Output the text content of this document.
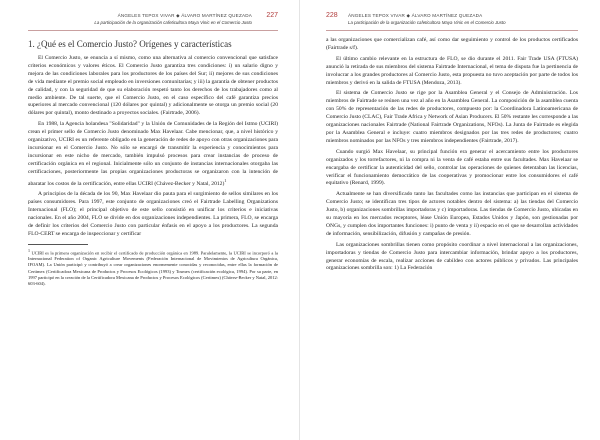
ÁNGELES TEPOX VIVAR ◆ ÁLVARO MARTÍNEZ QUEZADA
La participación de la organización cafeticultora Maya Vinic en el Comercio Justo
227
1. ¿Qué es el Comercio Justo? Orígenes y características

El Comercio Justo, se enuncia a sí mismo, como una alternativa al comercio convencional que satisface criterios económicos y valores éticos. El Comercio Justo garantiza tres condiciones: i) un salario digno y mejora de las condiciones laborales para los productores de los países del Sur; ii) mejores de sus condiciones de vida mediante el premio social empleado en inversiones comunitarias; y iii) la garantía de obtener productos de calidad, y con la seguridad de que su elaboración respetó tanto los derechos de los trabajadores como al medio ambiente. De tal suerte, que el Comercio Justo, en el caso específico del café garantiza precios superiores al mercado convencional (120 dólares por quintal) y adicionalmente se otorga un premio social (20 dólares por quintal), monto destinado a proyectos sociales. (Fairtrade, 2006).

En 1988, la Agencia holandesa "Solidaridad" y la Unión de Comunidades de la Región del Istmo (UCIRI) crean el primer sello de Comercio Justo denominado Max Havelaar. Cabe mencionar, que, a nivel histórico y organizativo, UCIRI es un referente obligado en la generación de redes de apoyo con otras organizaciones para incursionar en el Comercio Justo. No sólo se encargó de transmitir la experiencia y conocimientos para incursionar en este nicho de mercado, también impulsó procesos para crear instancias de proceso de certificación orgánica en el regional. Inicialmente sólo un conjunto de instancias internacionales otorgaba las certificaciones, posteriormente las propias organizaciones productoras se organizaron con la intención de abaratar los costos de la certificación, entre ellas UCIRI (Chávez-Becker y Natal, 2012)$^1$

A principios de la década de los 90, Max Havelaar dio pauta para el surgimiento de sellos similares en los países consumidores. Para 1997, este conjunto de organizaciones creó el Fairtrade Labelling Organizations Internacional (FLO); el principal objetivo de este sello consistió en unificar los criterios e iniciativas nacionales. En el año 2004, FLO se divide en dos organizaciones independientes. La primera, FLO, se encarga de definir los criterios del Comercio Justo con particular énfasis en el apoyo a los productores. La segunda FLO-CERT se encarga de inspeccionar y certificar

$^1$ UCIRI es la primera organización en recibir el certificado de producción orgánica en 1989. Paralelamente, la UCIRI se incorporó a la Internacional Federation of Organic Agriculture Movements (Federación Internacional de Movimientos de Agricultura Orgánica, IFOAM). La Unión participó y contribuyó a crear organizaciones enormemente conocidas y reconocidas, entre ellas la formación de Certimex (Certificadora Mexicana de Productos y Procesos Ecológicos (1993) y Tosmex (certificación ecológica, 1994). Por su parte, en 1997 participó en la creación de la Certificadora Mexicana de Productos y Procesos Ecológicos (Certimex) (Chávez-Becker y Natal, 2012: 603-604).

228 ÁNGELES TEPOX VIVAR ◆ ÁLVARO MARTÍNEZ QUEZADA
La participación de la organización cafeticultora Maya Vinic en el Comercio Justo

a las organizaciones que comercializan café, así como dar seguimiento y control de los productos certificados (Fairtrade s/f).

El último cambio relevante en la estructura de FLO, se dio durante el 2011. Fair Trade USA (FTUSA) anunció la retirada de sus miembros del sistema Fairtrade Internacional, el tema de disputa fue la pertinencia de involucrar a los grandes productores al Comercio Justo, esta propuesta no tuvo aceptación por parte de todos los miembros y derivó en la salida de FTUSA (Mendoza, 2013).

El sistema de Comercio Justo se rige por la Asamblea General y el Consejo de Administración. Los miembros de Fairtrade se reúnen una vez al año en la Asamblea General. La composición de la asamblea cuenta con 50% de representación de las redes de productores, compuesto por: la Coordinadora Latinoamericana de Comercio Justo (CLAC), Fair Trade Africa y Network of Asian Producers. El 50% restante les corresponde a las organizaciones nacionales Fairtrade (National Fairtrade Organizations, NFOs). La Junta de Fairtrade es elegida por la Asamblea General e incluye: cuatro miembros designados por las tres redes de productores; cuatro miembros nominados por las NFOs y tres miembros independientes (Fairtrade, 2017).

Cuando surgió Max Havelaar, su principal función era generar el acercamiento entre los productores organizados y los torrefactores, ni la compra ni la venta de café estaba entre sus facultades. Max Havelaar se encargaba de certificar la autenticidad del sello, controlar las operaciones de quienes detentaban las licencias, verificar el funcionamiento democrático de las cooperativas y promocionar entre los consumidores el café equitativo (Renard, 1999).

Actualmente se han diversificado tanto las facultades como las instancias que participan en el sistema de Comercio Justo; se identifican tres tipos de actores notables dentro del sistema: a) las tiendas del Comercio Justo, b) organizaciones sombrillas importadoras y c) importadoras. Las tiendas de Comercio Justo, ubicadas en su mayoría en los mercados receptores, léase Unión Europea, Estados Unidos y Japón, son gestionadas por ONGs, y cumplen dos importantes funciones: i) punto de venta y ii) espacio en el que se desarrollan actividades de información, sensibilización, difusión y campañas de presión.

Las organizaciones sombrillas tienen como propósito coordinar a nivel internacional a las organizaciones, importadoras y tiendas de Comercio Justo para intercambiar información, brindar apoyo a los productores, generar economías de escala, realizar acciones de cabildeo con actores públicos y privados. Las principales organizaciones sombrilla son: 1) La Federación
